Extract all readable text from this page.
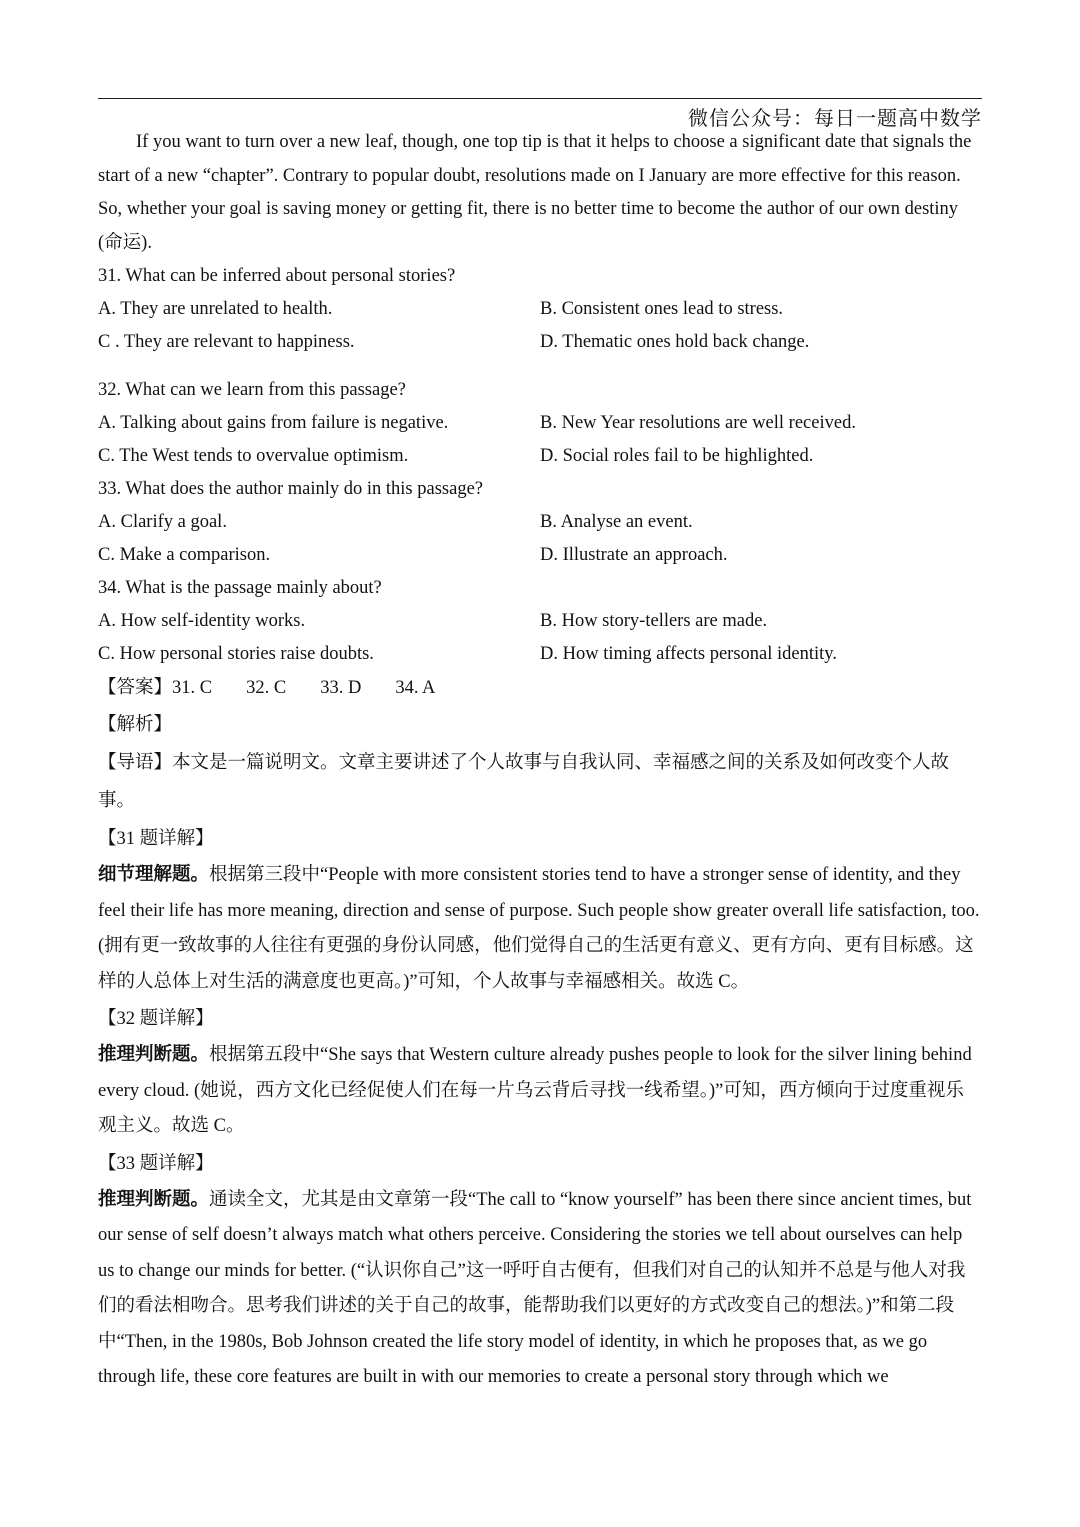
微信公众号：每日一题高中数学

If you want to turn over a new leaf, though, one top tip is that it helps to choose a significant date that signals the start of a new “chapter”. Contrary to popular doubt, resolutions made on I January are more effective for this reason. So, whether your goal is saving money or getting fit, there is no better time to become the author of our own destiny (命运).

31. What can be inferred about personal stories?

A. They are unrelated to health.	B. Consistent ones lead to stress.
C . They are relevant to happiness.	D. Thematic ones hold back change.

32. What can we learn from this passage?

A. Talking about gains from failure is negative.	B. New Year resolutions are well received.
C. The West tends to overvalue optimism.	D. Social roles fail to be highlighted.

33. What does the author mainly do in this passage?

A. Clarify a goal.	B. Analyse an event.
C. Make a comparison.	D. Illustrate an approach.

34. What is the passage mainly about?

A. How self-identity works.	B. How story-tellers are made.
C. How personal stories raise doubts.	D. How timing affects personal identity.

【答案】31. C 32. C 33. D 34. A

【解析】

【导语】本文是一篇说明文。文章主要讲述了个人故事与自我认同、幸福感之间的关系及如何改变个人故事。

【31 题详解】

细节理解题。根据第三段中“People with more consistent stories tend to have a stronger sense of identity, and they feel their life has more meaning, direction and sense of purpose. Such people show greater overall life satisfaction, too. (拥有更一致故事的人往往有更强的身份认同感，他们觉得自己的生活更有意义、更有方向、更有目标感。这样的人总体上对生活的满意度也更高。)”可知，个人故事与幸福感相关。故选 C。

【32 题详解】

推理判断题。根据第五段中“She says that Western culture already pushes people to look for the silver lining behind every cloud. (她说，西方文化已经促使人们在每一片乌云背后寻找一线希望。)”可知，西方倾向于过度重视乐观主义。故选 C。

【33 题详解】

推理判断题。通读全文，尤其是由文章第一段“The call to “know yourself” has been there since ancient times, but our sense of self doesn’t always match what others perceive. Considering the stories we tell about ourselves can help us to change our minds for better. (“认识你自己”这一呼吁自古便有，但我们对自己的认知并不总是与他人对我们的看法相吻合。思考我们讲述的关于自己的故事，能帮助我们以更好的方式改变自己的想法。)”和第二段中“Then, in the 1980s, Bob Johnson created the life story model of identity, in which he proposes that, as we go through life, these core features are built in with our memories to create a personal story through which we
